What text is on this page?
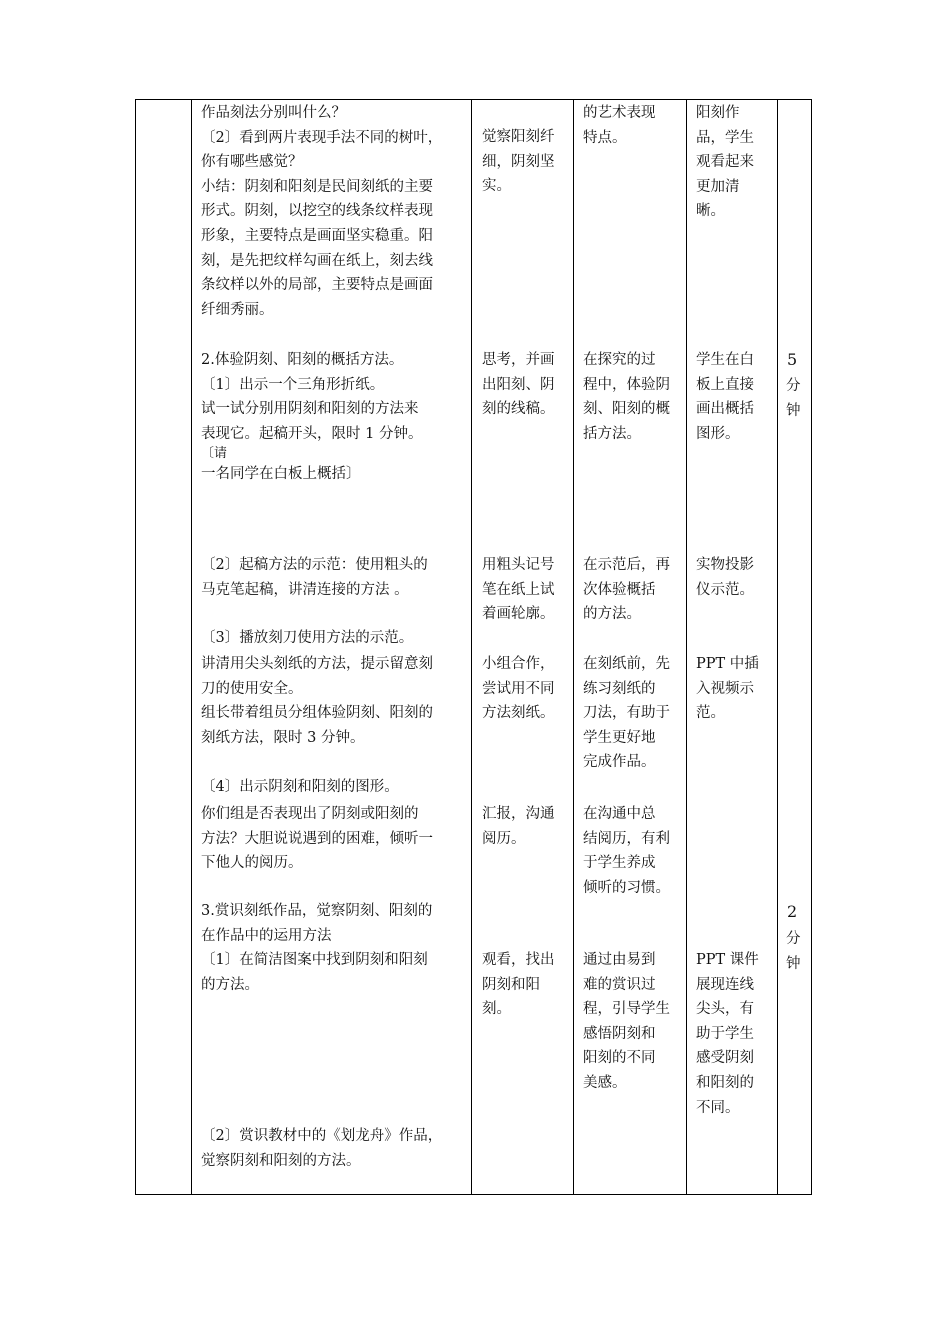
作品刻法分别叫什么？

〔2〕看到两片表现手法不同的树叶，

你有哪些感觉？

小结：阴刻和阳刻是民间刻纸的主要

形式。阴刻，以挖空的线条纹样表现

形象，主要特点是画面坚实稳重。阳

刻，是先把纹样勾画在纸上，刻去线

条纹样以外的局部，主要特点是画面

纤细秀丽。

2.体验阴刻、阳刻的概括方法。

〔1〕出示一个三角形折纸。

试一试分别用阴刻和阳刻的方法来

表现它。起稿开头，限时 1 分钟。

〔请

一名同学在白板上概括〕

〔2〕起稿方法的示范：使用粗头的

马克笔起稿，讲清连接的方法 。

〔3〕播放刻刀使用方法的示范。

讲清用尖头刻纸的方法，提示留意刻

刀的使用安全。

组长带着组员分组体验阴刻、阳刻的

刻纸方法，限时 3 分钟。

〔4〕出示阴刻和阳刻的图形。

你们组是否表现出了阴刻或阳刻的

方法？大胆说说遇到的困难，倾听一

下他人的阅历。

3.赏识刻纸作品，觉察阴刻、阳刻的

在作品中的运用方法

〔1〕在简洁图案中找到阴刻和阳刻

的方法。

〔2〕赏识教材中的《划龙舟》作品，

觉察阴刻和阳刻的方法。

觉察阳刻纤

细，阴刻坚

实。

思考，并画

出阳刻、阴

刻的线稿。

用粗头记号

笔在纸上试

着画轮廓。

小组合作，

尝试用不同

方法刻纸。

汇报，沟通

阅历。

观看，找出

阴刻和阳

刻。

的艺术表现

特点。

在探究的过

程中，体验阴

刻、阳刻的概

括方法。

在示范后，再

次体验概括

的方法。

在刻纸前，先

练习刻纸的

刀法，有助于

学生更好地

完成作品。

在沟通中总

结阅历，有利

于学生养成

倾听的习惯。

通过由易到

难的赏识过

程，引导学生

感悟阴刻和

阳刻的不同

美感。

阳刻作

品，学生

观看起来

更加清

晰。

学生在白

板上直接

画出概括

图形。

实物投影

仪示范。

PPT 中插

入视频示

范。

PPT 课件

展现连线

尖头，有

助于学生

感受阴刻

和阳刻的

不同。

5
分
钟
2
分
钟
